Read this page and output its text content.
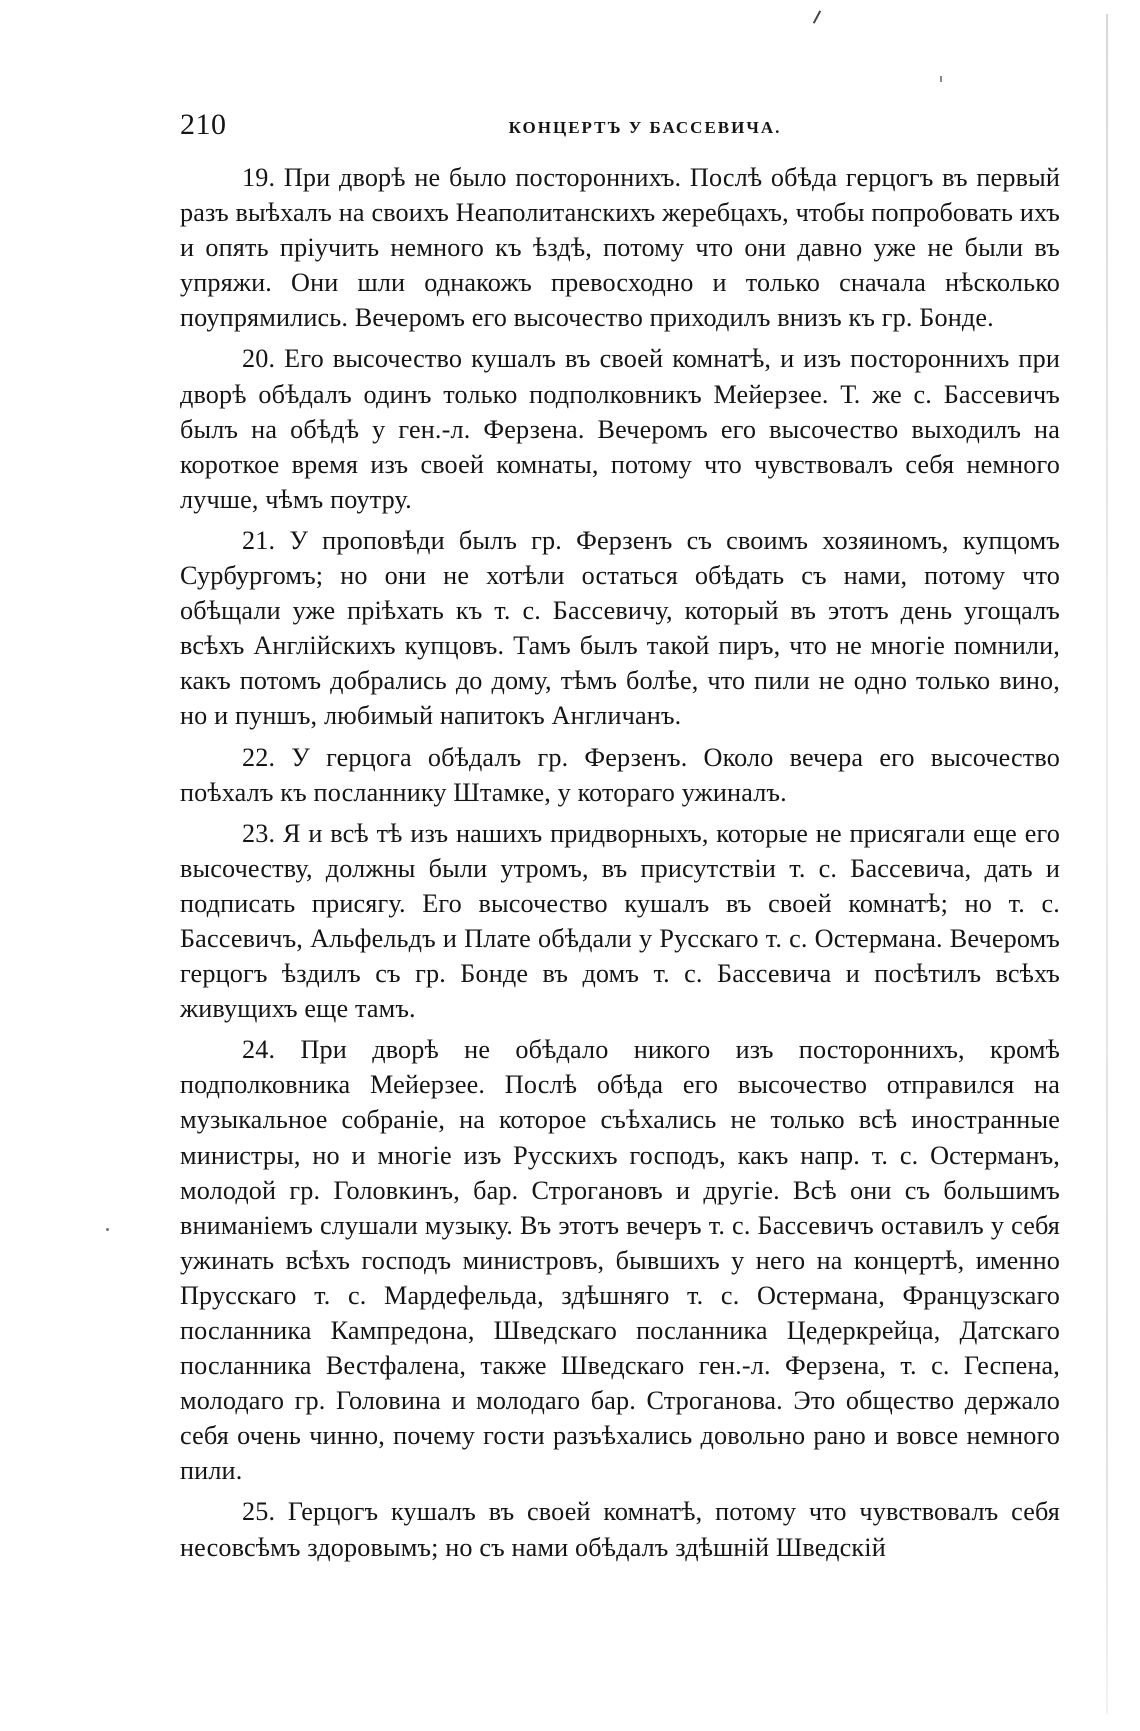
210	КОНЦЕРТЪ У БАССЕВИЧА.

19. При дворѣ не было постороннихъ. Послѣ обѣда герцогъ въ первый разъ выѣхалъ на своихъ Неаполитанскихъ жеребцахъ, чтобы попробовать ихъ и опять пріучить немного къ ѣздѣ, потому что они давно уже не были въ упряжи. Они шли однакожъ превосходно и только сначала нѣсколько поупрямились. Вечеромъ его высочество приходилъ внизъ къ гр. Бонде.

20. Его высочество кушалъ въ своей комнатѣ, и изъ постороннихъ при дворѣ обѣдалъ одинъ только подполковникъ Мейерзее. Т. же с. Бассевичъ былъ на обѣдѣ у ген.-л. Ферзена. Вечеромъ его высочество выходилъ на короткое время изъ своей комнаты, потому что чувствовалъ себя немного лучше, чѣмъ поутру.

21. У проповѣди былъ гр. Ферзенъ съ своимъ хозяиномъ, купцомъ Сурбургомъ; но они не хотѣли остаться обѣдать съ нами, потому что обѣщали уже пріѣхать къ т. с. Бассевичу, который въ этотъ день угощалъ всѣхъ Англійскихъ купцовъ. Тамъ былъ такой пиръ, что не многіе помнили, какъ потомъ добрались до дому, тѣмъ болѣе, что пили не одно только вино, но и пуншъ, любимый напитокъ Англичанъ.

22. У герцога обѣдалъ гр. Ферзенъ. Около вечера его высочество поѣхалъ къ посланнику Штамке, у котораго ужиналъ.

23. Я и всѣ тѣ изъ нашихъ придворныхъ, которые не присягали еще его высочеству, должны были утромъ, въ присутствіи т. с. Бассевича, дать и подписать присягу. Его высочество кушалъ въ своей комнатѣ; но т. с. Бассевичъ, Альфельдъ и Плате обѣдали у Русскаго т. с. Остермана. Вечеромъ герцогъ ѣздилъ съ гр. Бонде въ домъ т. с. Бассевича и посѣтилъ всѣхъ живущихъ еще тамъ.

24. При дворѣ не обѣдало никого изъ постороннихъ, кромѣ подполковника Мейерзее. Послѣ обѣда его высочество отправился на музыкальное собраніе, на которое съѣхались не только всѣ иностранные министры, но и многіе изъ Русскихъ господъ, какъ напр. т. с. Остерманъ, молодой гр. Головкинъ, бар. Строгановъ и другіе. Всѣ они съ большимъ вниманіемъ слушали музыку. Въ этотъ вечеръ т. с. Бассевичъ оставилъ у себя ужинать всѣхъ господъ министровъ, бывшихъ у него на концертѣ, именно Прусскаго т. с. Мардефельда, здѣшняго т. с. Остермана, Французскаго посланника Кампредона, Шведскаго посланника Цедеркрейца, Датскаго посланника Вестфалена, также Шведскаго ген.-л. Ферзена, т. с. Геспена, молодаго гр. Головина и молодаго бар. Строганова. Это общество держало себя очень чинно, почему гости разъѣхались довольно рано и вовсе немного пили.

25. Герцогъ кушалъ въ своей комнатѣ, потому что чувствовалъ себя несовсѣмъ здоровымъ; но съ нами обѣдалъ здѣшній Шведскій
